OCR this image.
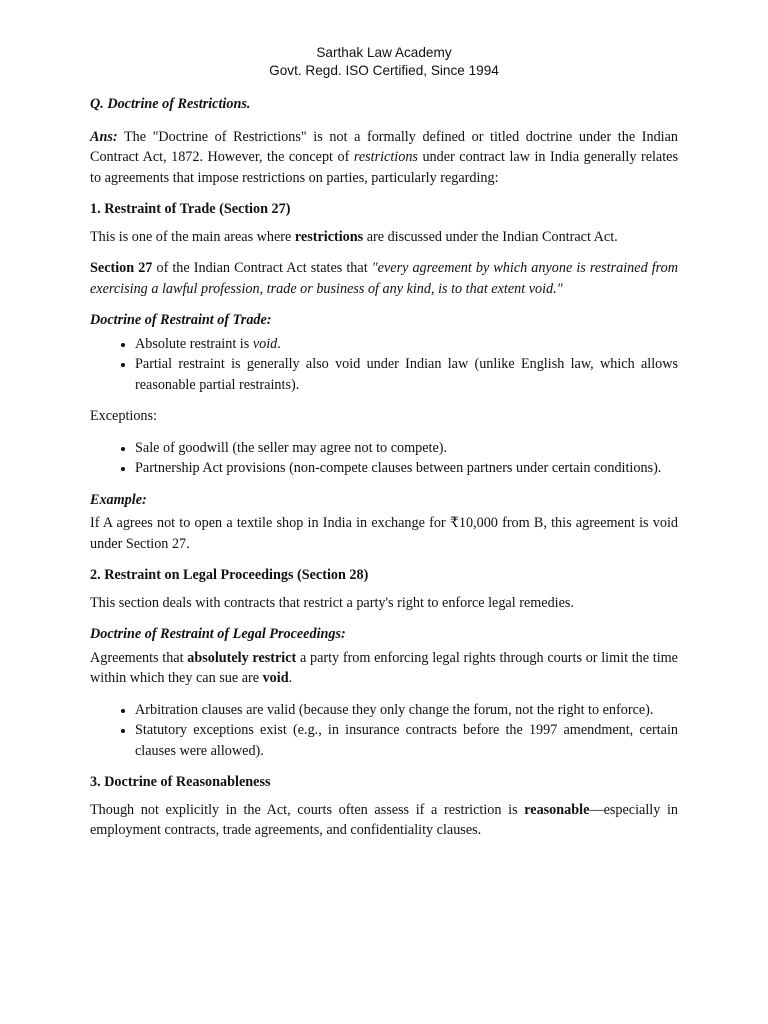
Sarthak Law Academy
Govt. Regd. ISO Certified, Since 1994

Q. Doctrine of Restrictions.

Ans: The "Doctrine of Restrictions" is not a formally defined or titled doctrine under the Indian Contract Act, 1872. However, the concept of restrictions under contract law in India generally relates to agreements that impose restrictions on parties, particularly regarding:

1. Restraint of Trade (Section 27)

This is one of the main areas where restrictions are discussed under the Indian Contract Act.

Section 27 of the Indian Contract Act states that "every agreement by which anyone is restrained from exercising a lawful profession, trade or business of any kind, is to that extent void."

Doctrine of Restraint of Trade:

• Absolute restraint is void.
• Partial restraint is generally also void under Indian law (unlike English law, which allows reasonable partial restraints).

Exceptions:

• Sale of goodwill (the seller may agree not to compete).
• Partnership Act provisions (non-compete clauses between partners under certain conditions).

Example:

If A agrees not to open a textile shop in India in exchange for ₹10,000 from B, this agreement is void under Section 27.

2. Restraint on Legal Proceedings (Section 28)

This section deals with contracts that restrict a party's right to enforce legal remedies.

Doctrine of Restraint of Legal Proceedings:

Agreements that absolutely restrict a party from enforcing legal rights through courts or limit the time within which they can sue are void.

• Arbitration clauses are valid (because they only change the forum, not the right to enforce).
• Statutory exceptions exist (e.g., in insurance contracts before the 1997 amendment, certain clauses were allowed).
3. Doctrine of Reasonableness

Though not explicitly in the Act, courts often assess if a restriction is reasonable—especially in employment contracts, trade agreements, and confidentiality clauses.
